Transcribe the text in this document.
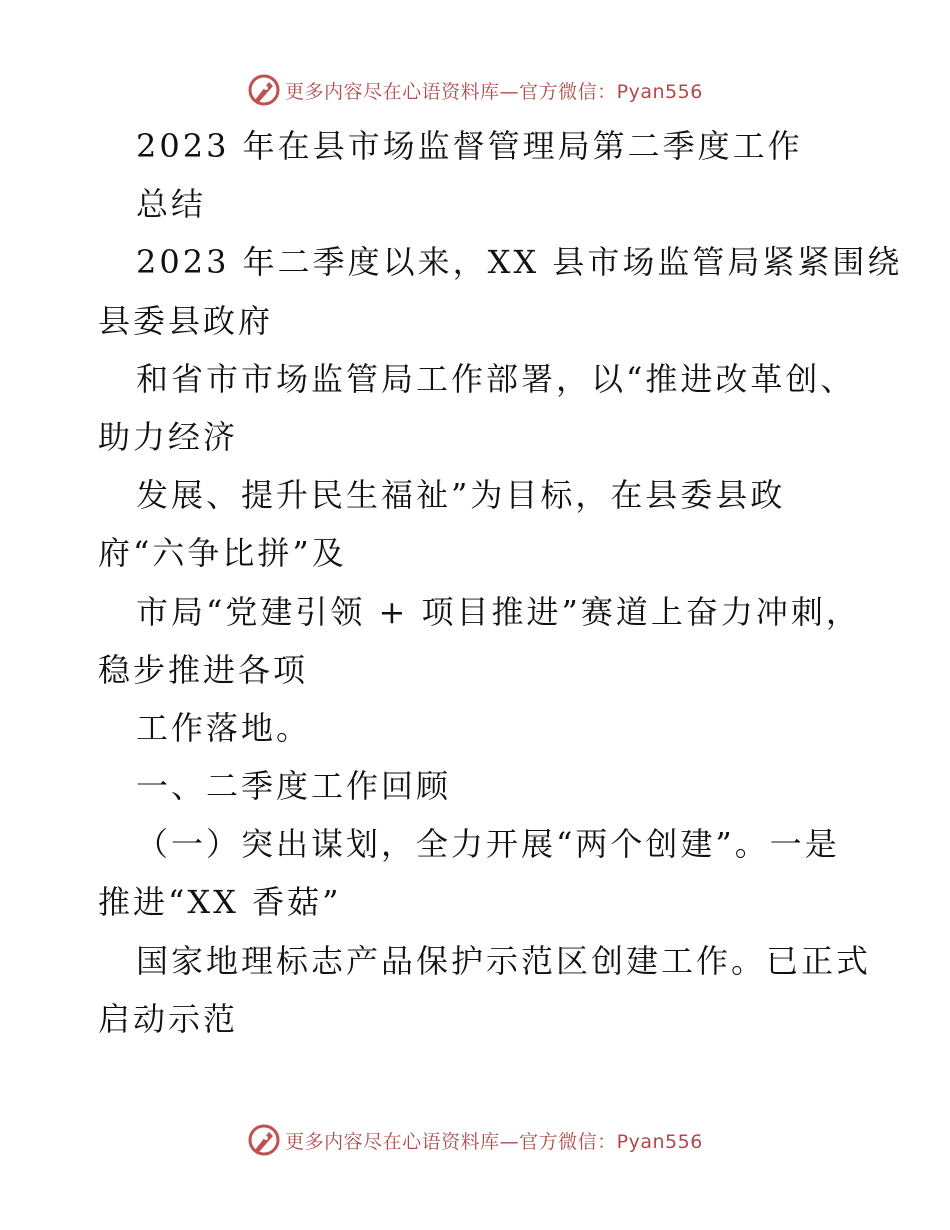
更多内容尽在心语资料库—官方微信：Pyan556
2023 年在县市场监督管理局第二季度工作
总结
2023 年二季度以来，XX 县市场监管局紧紧围绕
县委县政府
和省市市场监管局工作部署，以“推进改革创、
助力经济
发展、提升民生福祉”为目标，在县委县政
府“六争比拼”及
市局“党建引领 + 项目推进”赛道上奋力冲刺，
稳步推进各项
工作落地。
一、二季度工作回顾
（一）突出谋划，全力开展“两个创建”。一是
推进“XX 香菇”
国家地理标志产品保护示范区创建工作。已正式
启动示范
更多内容尽在心语资料库—官方微信：Pyan556
